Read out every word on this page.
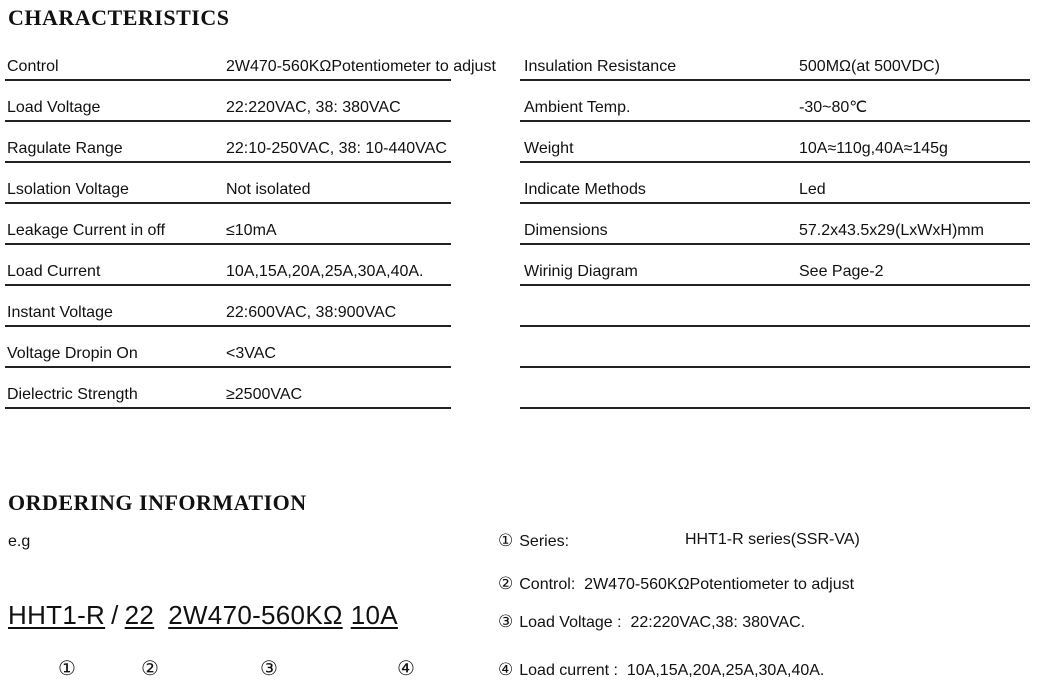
CHARACTERISTICS
Control	2W470-560KΩPotentiometer to adjust
Load Voltage	22:220VAC, 38: 380VAC
Ragulate Range	22:10-250VAC, 38: 10-440VAC
Lsolation Voltage	Not isolated
Leakage Current in off	≤10mA
Load Current	10A,15A,20A,25A,30A,40A.
Instant Voltage	22:600VAC, 38:900VAC
Voltage Dropin On	<3VAC
Dielectric Strength	≥2500VAC
Insulation Resistance	500MΩ(at 500VDC)
Ambient Temp.	-30~80℃
Weight	10A≈110g,40A≈145g
Indicate Methods	Led
Dimensions	57.2x43.5x29(LxWxH)mm
Wirinig Diagram	See Page-2
ORDERING INFORMATION
e.g
HHT1-R / 22 2W470-560KΩ 10A
①	②	③	④
① Series:	HHT1-R series(SSR-VA)
② Control: 2W470-560KΩPotentiometer to adjust
③ Load Voltage : 22:220VAC,38: 380VAC.
④ Load current : 10A,15A,20A,25A,30A,40A.
